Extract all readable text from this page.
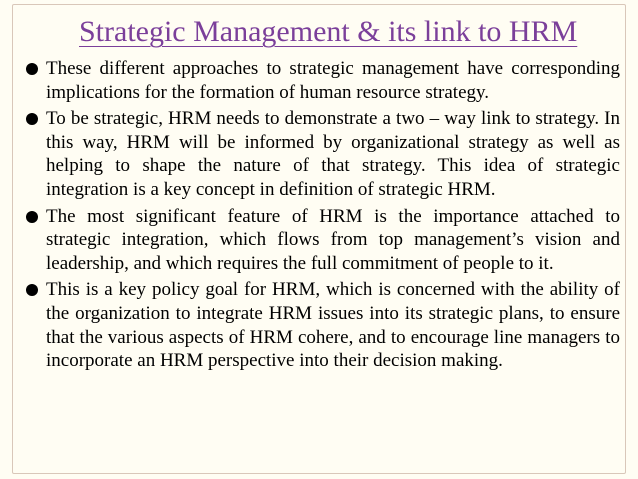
Strategic Management & its link to HRM
These different approaches to strategic management have corresponding implications for the formation of human resource strategy.
To be strategic, HRM needs to demonstrate a two – way link to strategy. In this way, HRM will be informed by organizational strategy as well as helping to shape the nature of that strategy. This idea of strategic integration is a key concept in definition of strategic HRM.
The most significant feature of HRM is the importance attached to strategic integration, which flows from top management’s vision and leadership, and which requires the full commitment of people to it.
This is a key policy goal for HRM, which is concerned with the ability of the organization to integrate HRM issues into its strategic plans, to ensure that the various aspects of HRM cohere, and to encourage line managers to incorporate an HRM perspective into their decision making.
